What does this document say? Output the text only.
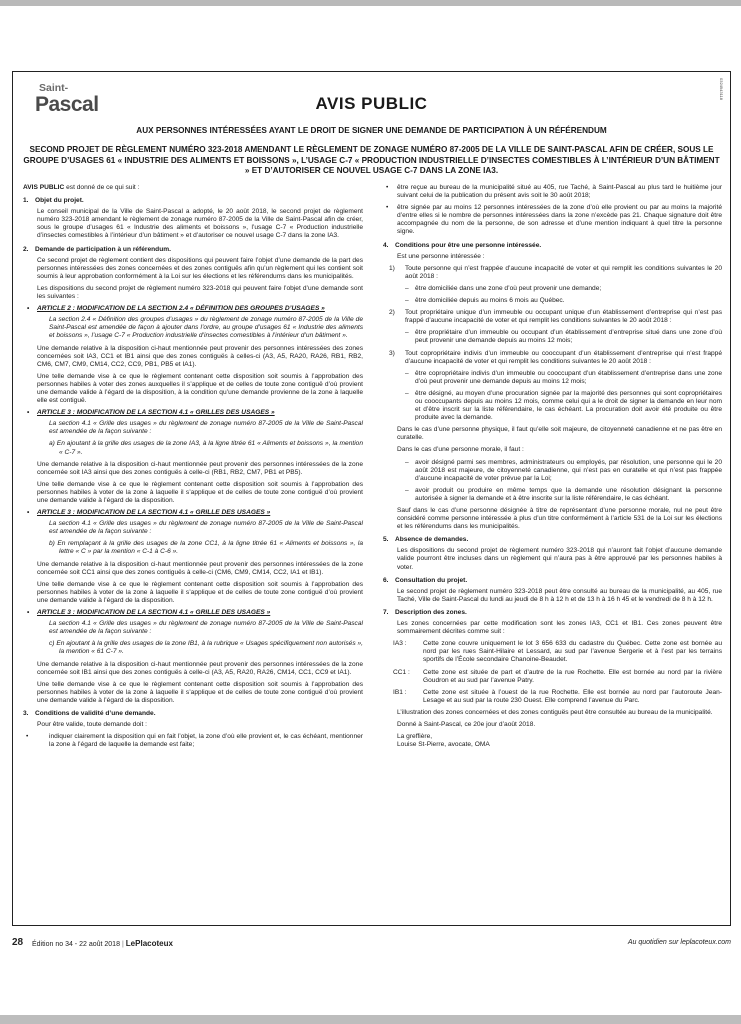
0324943118
Saint-
Pascal	AVIS PUBLIC
AUX PERSONNES INTÉRESSÉES AYANT LE DROIT DE SIGNER UNE DEMANDE DE PARTICIPATION À UN RÉFÉRENDUM
SECOND PROJET DE RÈGLEMENT NUMÉRO 323-2018 AMENDANT LE RÈGLEMENT DE ZONAGE NUMÉRO 87-2005 DE LA VILLE DE SAINT-PASCAL AFIN DE CRÉER, SOUS LE GROUPE D’USAGES 61 « INDUSTRIE DES ALIMENTS ET BOISSONS », L’USAGE C-7 « PRODUCTION INDUSTRIELLE D’INSECTES COMESTIBLES À L’INTÉRIEUR D’UN BÂTIMENT » ET D’AUTORISER CE NOUVEL USAGE C-7 DANS LA ZONE IA3.

AVIS PUBLIC est donné de ce qui suit :

1. Objet du projet.

Le conseil municipal de la Ville de Saint-Pascal a adopté, le 20 août 2018, le second projet de règlement numéro 323-2018 amendant le règlement de zonage numéro 87-2005 de la Ville de Saint-Pascal afin de créer, sous le groupe d’usages 61 « Industrie des aliments et boissons », l’usage C-7 « Production industrielle d’insectes comestibles à l’intérieur d’un bâtiment » et d’autoriser ce nouvel usage C-7 dans la zone IA3.

2. Demande de participation à un référendum.

Ce second projet de règlement contient des dispositions qui peuvent faire l’objet d’une demande de la part des personnes intéressées des zones concernées et des zones contiguës afin qu’un règlement qui les contient soit soumis à leur approbation conformément à la Loi sur les élections et les référendums dans les municipalités.

Les dispositions du second projet de règlement numéro 323-2018 qui peuvent faire l’objet d’une demande sont les suivantes :

• ARTICLE 2 : MODIFICATION DE LA SECTION 2.4 « DÉFINITION DES GROUPES D’USAGES »

La section 2.4 « Définition des groupes d’usages » du règlement de zonage numéro 87-2005 de la Ville de Saint-Pascal est amendée de façon à ajouter dans l’ordre, au groupe d’usages 61 « Industrie des aliments et boissons », l’usage C-7 « Production industrielle d’insectes comestibles à l’intérieur d’un bâtiment ».

Une demande relative à la disposition ci-haut mentionnée peut provenir des personnes intéressées des zones concernées soit IA3, CC1 et IB1 ainsi que des zones contiguës à celles-ci (A3, A5, RA20, RA26, RB1, RB2, CM6, CM7, CM9, CM14, CC2, CC9, PB1, PB5 et IA1).

Une telle demande vise à ce que le règlement contenant cette disposition soit soumis à l’approbation des personnes habiles à voter des zones auxquelles il s’applique et de celles de toute zone contiguë d’où provient une demande valide à l’égard de la disposition, à la condition qu’une demande provienne de la zone à laquelle elle est contiguë.

• ARTICLE 3 : MODIFICATION DE LA SECTION 4.1 « GRILLES DES USAGES »

La section 4.1 « Grille des usages » du règlement de zonage numéro 87-2005 de la Ville de Saint-Pascal est amendée de la façon suivante :

a) En ajoutant à la grille des usages de la zone IA3, à la ligne titrée 61 « Aliments et boissons », la mention « C-7 ».

Une demande relative à la disposition ci-haut mentionnée peut provenir des personnes intéressées de la zone concernée soit IA3 ainsi que des zones contiguës à celle-ci (RB1, RB2, CM7, PB1 et PB5).

Une telle demande vise à ce que le règlement contenant cette disposition soit soumis à l’approbation des personnes habiles à voter de la zone à laquelle il s’applique et de celles de toute zone contiguë d’où provient une demande valide à l’égard de la disposition.

• ARTICLE 3 : MODIFICATION DE LA SECTION 4.1 « GRILLE DES USAGES »

La section 4.1 « Grille des usages » du règlement de zonage numéro 87-2005 de la Ville de Saint-Pascal est amendée de la façon suivante :

b) En remplaçant à la grille des usages de la zone CC1, à la ligne titrée 61 « Aliments et boissons », la lettre « C » par la mention « C-1 à C-6 ».

Une demande relative à la disposition ci-haut mentionnée peut provenir des personnes intéressées de la zone concernée soit CC1 ainsi que des zones contiguës à celle-ci (CM6, CM9, CM14, CC2, IA1 et IB1).

Une telle demande vise à ce que le règlement contenant cette disposition soit soumis à l’approbation des personnes habiles à voter de la zone à laquelle il s’applique et de celles de toute zone contiguë d’où provient une demande valide à l’égard de la disposition.

• ARTICLE 3 : MODIFICATION DE LA SECTION 4.1 « GRILLE DES USAGES »

La section 4.1 « Grille des usages » du règlement de zonage numéro 87-2005 de la Ville de Saint-Pascal est amendée de la façon suivante :

c) En ajoutant à la grille des usages de la zone IB1, à la rubrique « Usages spécifiquement non autorisés », la mention « 61 C-7 ».

Une demande relative à la disposition ci-haut mentionnée peut provenir des personnes intéressées de la zone concernée soit IB1 ainsi que des zones contiguës à celle-ci (A3, A5, RA20, RA26, CM14, CC1, CC9 et IA1).

Une telle demande vise à ce que le règlement contenant cette disposition soit soumis à l’approbation des personnes habiles à voter de la zone à laquelle il s’applique et de celles de toute zone contiguë d’où provient une demande valide à l’égard de la disposition.

3. Conditions de validité d’une demande.

Pour être valide, toute demande doit :

• indiquer clairement la disposition qui en fait l’objet, la zone d’où elle provient et, le cas échéant, mentionner la zone à l’égard de laquelle la demande est faite;

• être reçue au bureau de la municipalité situé au 405, rue Taché, à Saint-Pascal au plus tard le huitième jour suivant celui de la publication du présent avis soit le 30 août 2018;

• être signée par au moins 12 personnes intéressées de la zone d’où elle provient ou par au moins la majorité d’entre elles si le nombre de personnes intéressées dans la zone n’excède pas 21. Chaque signature doit être accompagnée du nom de la personne, de son adresse et d’une mention indiquant à quel titre la personne signe.

4. Conditions pour être une personne intéressée.

Est une personne intéressée :

1) Toute personne qui n’est frappée d’aucune incapacité de voter et qui remplit les conditions suivantes le 20 août 2018 :

– être domiciliée dans une zone d’où peut provenir une demande;

– être domiciliée depuis au moins 6 mois au Québec.

2) Tout propriétaire unique d’un immeuble ou occupant unique d’un établissement d’entreprise qui n’est pas frappé d’aucune incapacité de voter et qui remplit les conditions suivantes le 20 août 2018 :

– être propriétaire d’un immeuble ou occupant d’un établissement d’entreprise situé dans une zone d’où peut provenir une demande depuis au moins 12 mois;

3) Tout copropriétaire indivis d’un immeuble ou cooccupant d’un établissement d’entreprise qui n’est frappé d’aucune incapacité de voter et qui remplit les conditions suivantes le 20 août 2018 :

– être copropriétaire indivis d’un immeuble ou cooccupant d’un établissement d’entreprise dans une zone d’où peut provenir une demande depuis au moins 12 mois;

– être désigné, au moyen d’une procuration signée par la majorité des personnes qui sont copropriétaires ou cooccupants depuis au moins 12 mois, comme celui qui a le droit de signer la demande en leur nom et d’être inscrit sur la liste référendaire, le cas échéant. La procuration doit avoir été produite ou être produite avec la demande.

Dans le cas d’une personne physique, il faut qu’elle soit majeure, de citoyenneté canadienne et ne pas être en curatelle.

Dans le cas d’une personne morale, il faut :

– avoir désigné parmi ses membres, administrateurs ou employés, par résolution, une personne qui le 20 août 2018 est majeure, de citoyenneté canadienne, qui n’est pas en curatelle et qui n’est pas frappée d’aucune incapacité de voter prévue par la Loi;

– avoir produit ou produire en même temps que la demande une résolution désignant la personne autorisée à signer la demande et à être inscrite sur la liste référendaire, le cas échéant.

Sauf dans le cas d’une personne désignée à titre de représentant d’une personne morale, nul ne peut être considéré comme personne intéressée à plus d’un titre conformément à l’article 531 de la Loi sur les élections et les référendums dans les municipalités.

5. Absence de demandes.

Les dispositions du second projet de règlement numéro 323-2018 qui n’auront fait l’objet d’aucune demande valide pourront être incluses dans un règlement qui n’aura pas à être approuvé par les personnes habiles à voter.

6. Consultation du projet.

Le second projet de règlement numéro 323-2018 peut être consulté au bureau de la municipalité, au 405, rue Taché, Ville de Saint-Pascal du lundi au jeudi de 8 h à 12 h et de 13 h à 16 h 45 et le vendredi de 8 h à 12 h.

7. Description des zones.

Les zones concernées par cette modification sont les zones IA3, CC1 et IB1. Ces zones peuvent être sommairement décrites comme suit :

IA3 : Cette zone couvre uniquement le lot 3 656 633 du cadastre du Québec. Cette zone est bornée au nord par les rues Saint-Hilaire et Lessard, au sud par l’avenue Sergerie et à l’est par les terrains sportifs de l’École secondaire Chanoine-Beaudet.

CC1 : Cette zone est située de part et d’autre de la rue Rochette. Elle est bornée au nord par la rivière Goudron et au sud par l’avenue Patry.

IB1 : Cette zone est située à l’ouest de la rue Rochette. Elle est bornée au nord par l’autoroute Jean-Lesage et au sud par la route 230 Ouest. Elle comprend l’avenue du Parc.

L’illustration des zones concernées et des zones contiguës peut être consultée au bureau de la municipalité.

Donné à Saint-Pascal, ce 20e jour d’août 2018.

La greffière,

Louise St-Pierre, avocate, OMA

28 Édition no 34 - 22 août 2018 | LePlacoteux	Au quotidien sur leplacoteux.com
